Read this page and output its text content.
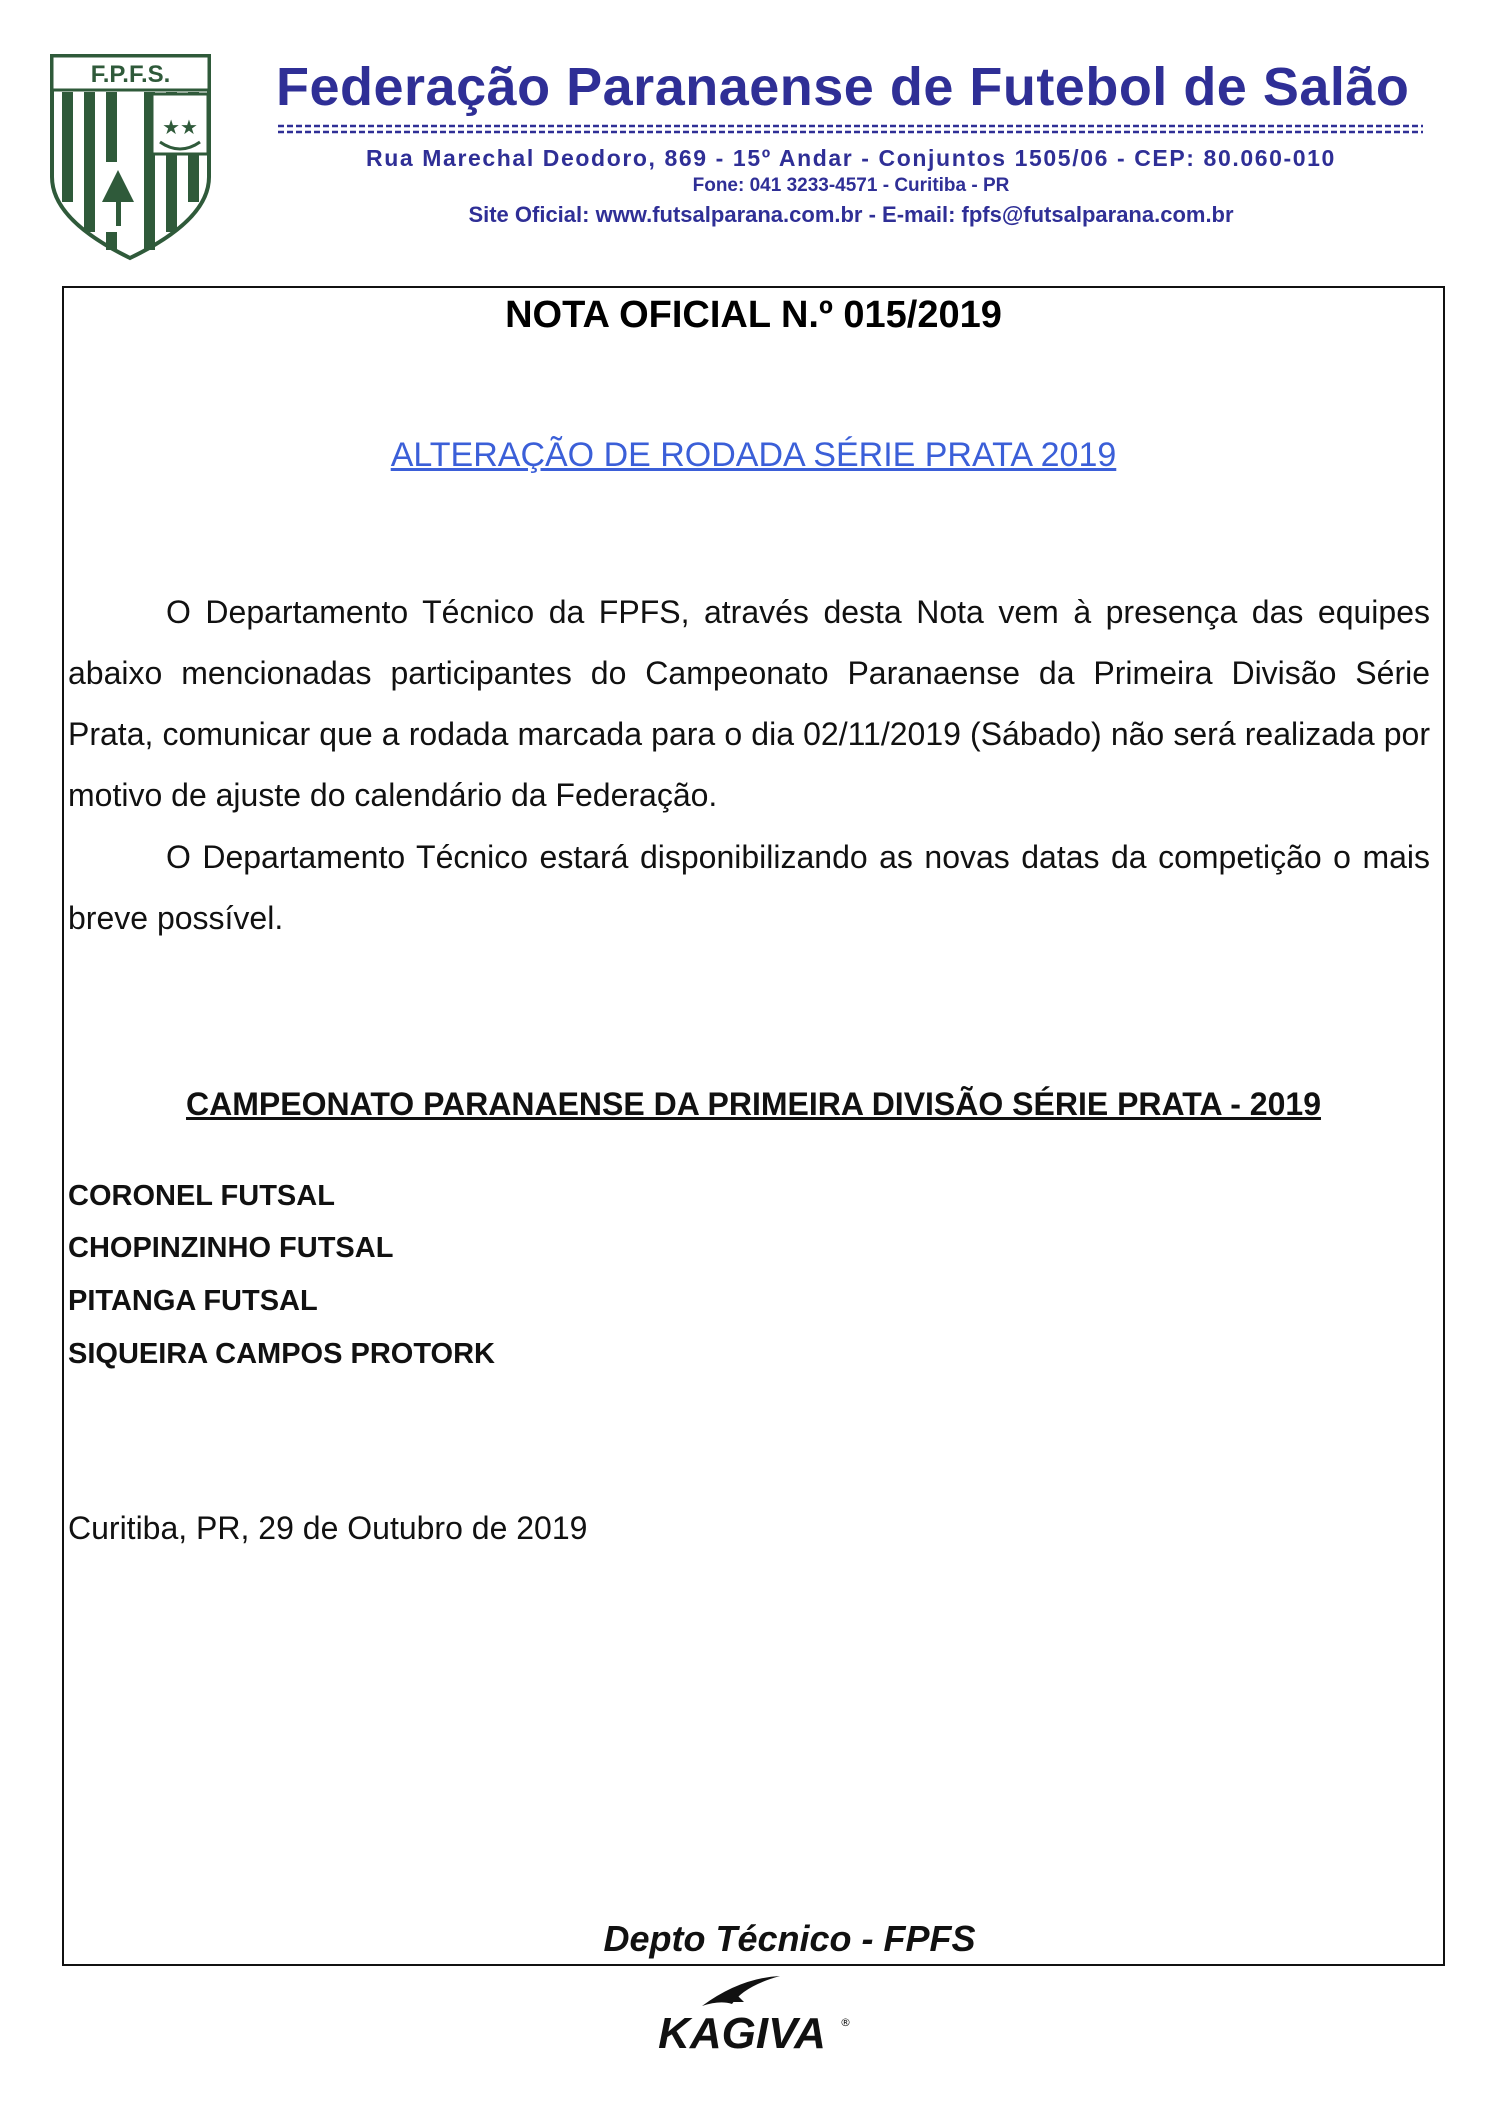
F.P.F.S.
★★
Federação Paranaense de Futebol de Salão
Rua Marechal Deodoro, 869 - 15º Andar - Conjuntos 1505/06 - CEP: 80.060-010
Fone: 041 3233-4571 - Curitiba - PR
Site Oficial: www.futsalparana.com.br - E-mail: fpfs@futsalparana.com.br
NOTA OFICIAL N.º 015/2019
ALTERAÇÃO DE RODADA SÉRIE PRATA 2019

O Departamento Técnico da FPFS, através desta Nota vem à presença das equipes abaixo mencionadas participantes do Campeonato Paranaense da Primeira Divisão Série Prata, comunicar que a rodada marcada para o dia 02/11/2019 (Sábado) não será realizada por motivo de ajuste do calendário da Federação.

O Departamento Técnico estará disponibilizando as novas datas da competição o mais breve possível.

CAMPEONATO PARANAENSE DA PRIMEIRA DIVISÃO SÉRIE PRATA - 2019
CORONEL FUTSAL
CHOPINZINHO FUTSAL
PITANGA FUTSAL
SIQUEIRA CAMPOS PROTORK
Curitiba, PR, 29 de Outubro de 2019
Depto Técnico - FPFS
KAGIVA ®
